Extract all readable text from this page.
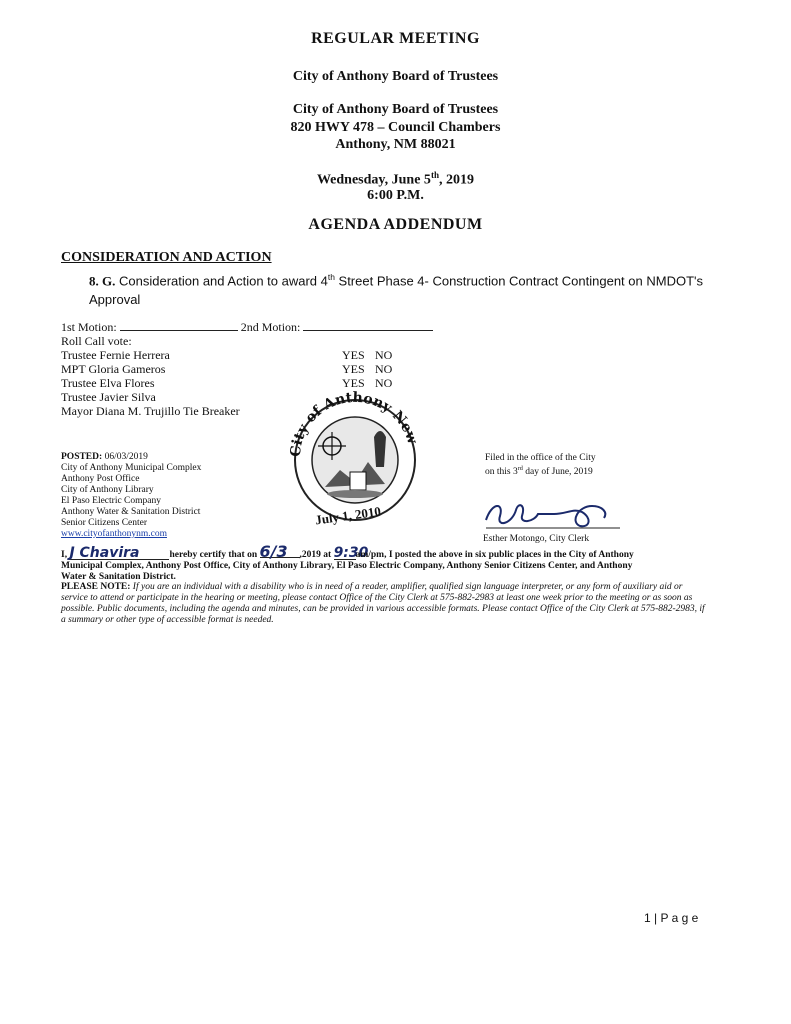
REGULAR MEETING
City of Anthony Board of Trustees
City of Anthony Board of Trustees
820 HWY 478 – Council Chambers
Anthony, NM 88021
Wednesday, June 5th, 2019
6:00 P.M.
AGENDA ADDENDUM
CONSIDERATION AND ACTION
8. G. Consideration and Action to award 4th Street Phase 4- Construction Contract Contingent on NMDOT's
Approval
1st Motion:	2nd Motion:
Roll Call vote:
Trustee Fernie Herrera	YES NO
MPT Gloria Gameros	YES NO
Trustee Elva Flores	YES NO
Trustee Javier Silva
Mayor Diana M. Trujillo Tie Breaker
City of Anthony New
July 1, 2010
POSTED: 06/03/2019
City of Anthony Municipal Complex
Anthony Post Office
City of Anthony Library
El Paso Electric Company
Anthony Water & Sanitation District
Senior Citizens Center
www.cityofanthonynm.com
Filed in the office of the City
on this 3rd day of June, 2019
Esther Motongo, City Clerk
I, J Chavira	hereby certify that on 6/3 ,2019 at 9:30am/pm, I posted the above in six public places in the City of Anthony
Municipal Complex, Anthony Post Office, City of Anthony Library, El Paso Electric Company, Anthony Senior Citizens Center, and Anthony
Water & Sanitation District.
PLEASE NOTE: If you are an individual with a disability who is in need of a reader, amplifier, qualified sign language interpreter, or any form of auxiliary aid or service to attend or participate in the hearing or meeting, please contact Office of the City Clerk at 575-882-2983 at least one week prior to the meeting or as soon as possible. Public documents, including the agenda and minutes, can be provided in various accessible formats. Please contact Office of the City Clerk at 575-882-2983, if a summary or other type of accessible format is needed.
1 | P a g e
